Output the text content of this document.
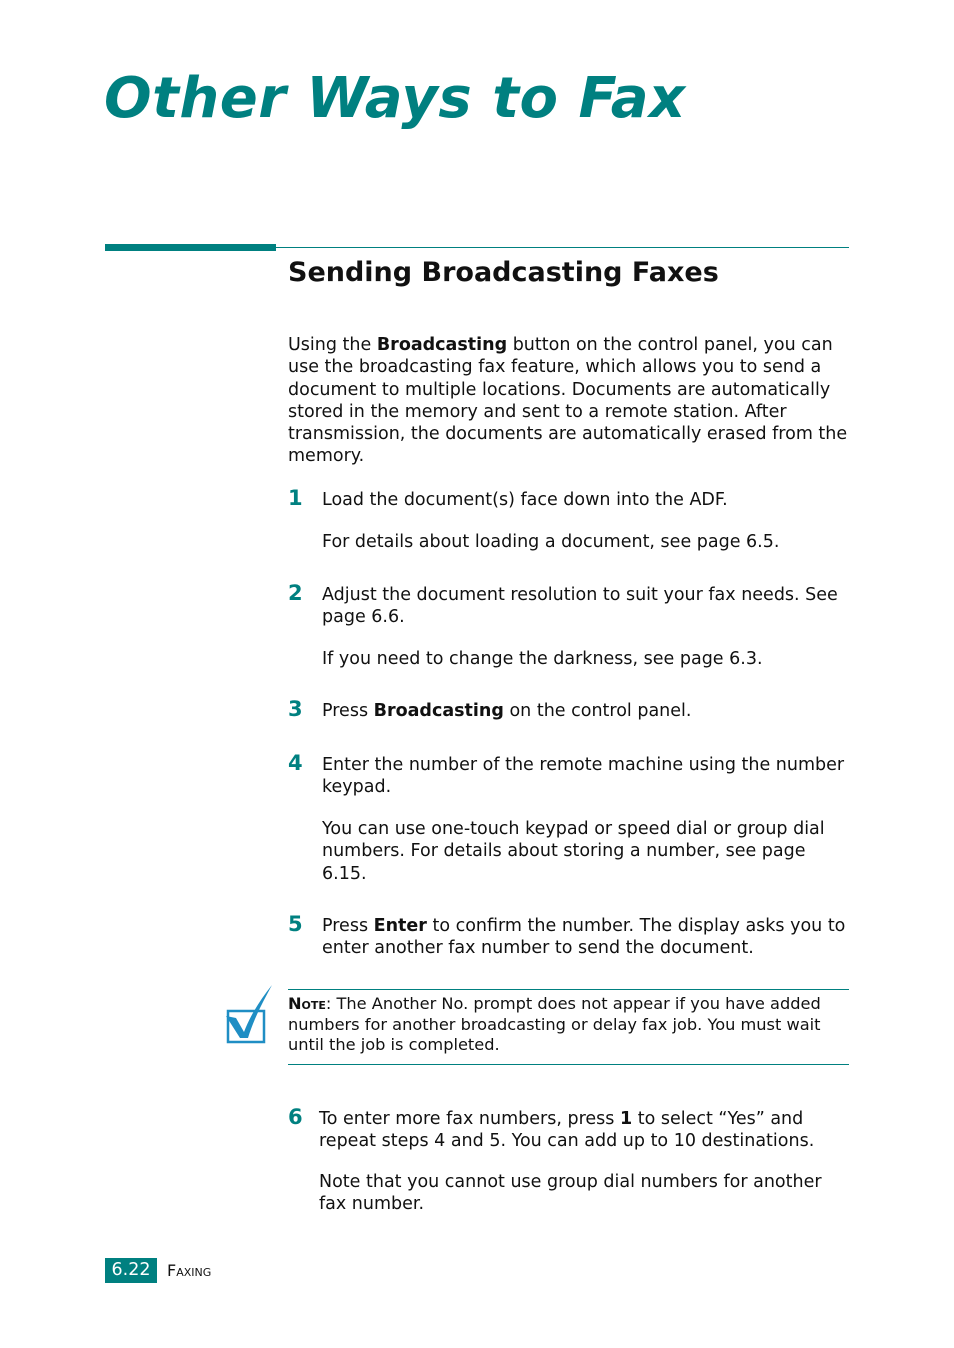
Other Ways to Fax
Sending Broadcasting Faxes

Using the Broadcasting button on the control panel, you can use the broadcasting fax feature, which allows you to send a document to multiple locations. Documents are automatically stored in the memory and sent to a remote station. After transmission, the documents are automatically erased from the memory.

1 Load the document(s) face down into the ADF.
For details about loading a document, see page 6.5.
2 Adjust the document resolution to suit your fax needs. See page 6.6.
If you need to change the darkness, see page 6.3.
3 Press Broadcasting on the control panel.
4 Enter the number of the remote machine using the number keypad.
You can use one-touch keypad or speed dial or group dial numbers. For details about storing a number, see page 6.15.
5 Press Enter to confirm the number. The display asks you to enter another fax number to send the document.
Note: The Another No. prompt does not appear if you have added numbers for another broadcasting or delay fax job. You must wait until the job is completed.
6 To enter more fax numbers, press 1 to select “Yes” and repeat steps 4 and 5. You can add up to 10 destinations.
Note that you cannot use group dial numbers for another fax number.
6.22	Faxing
